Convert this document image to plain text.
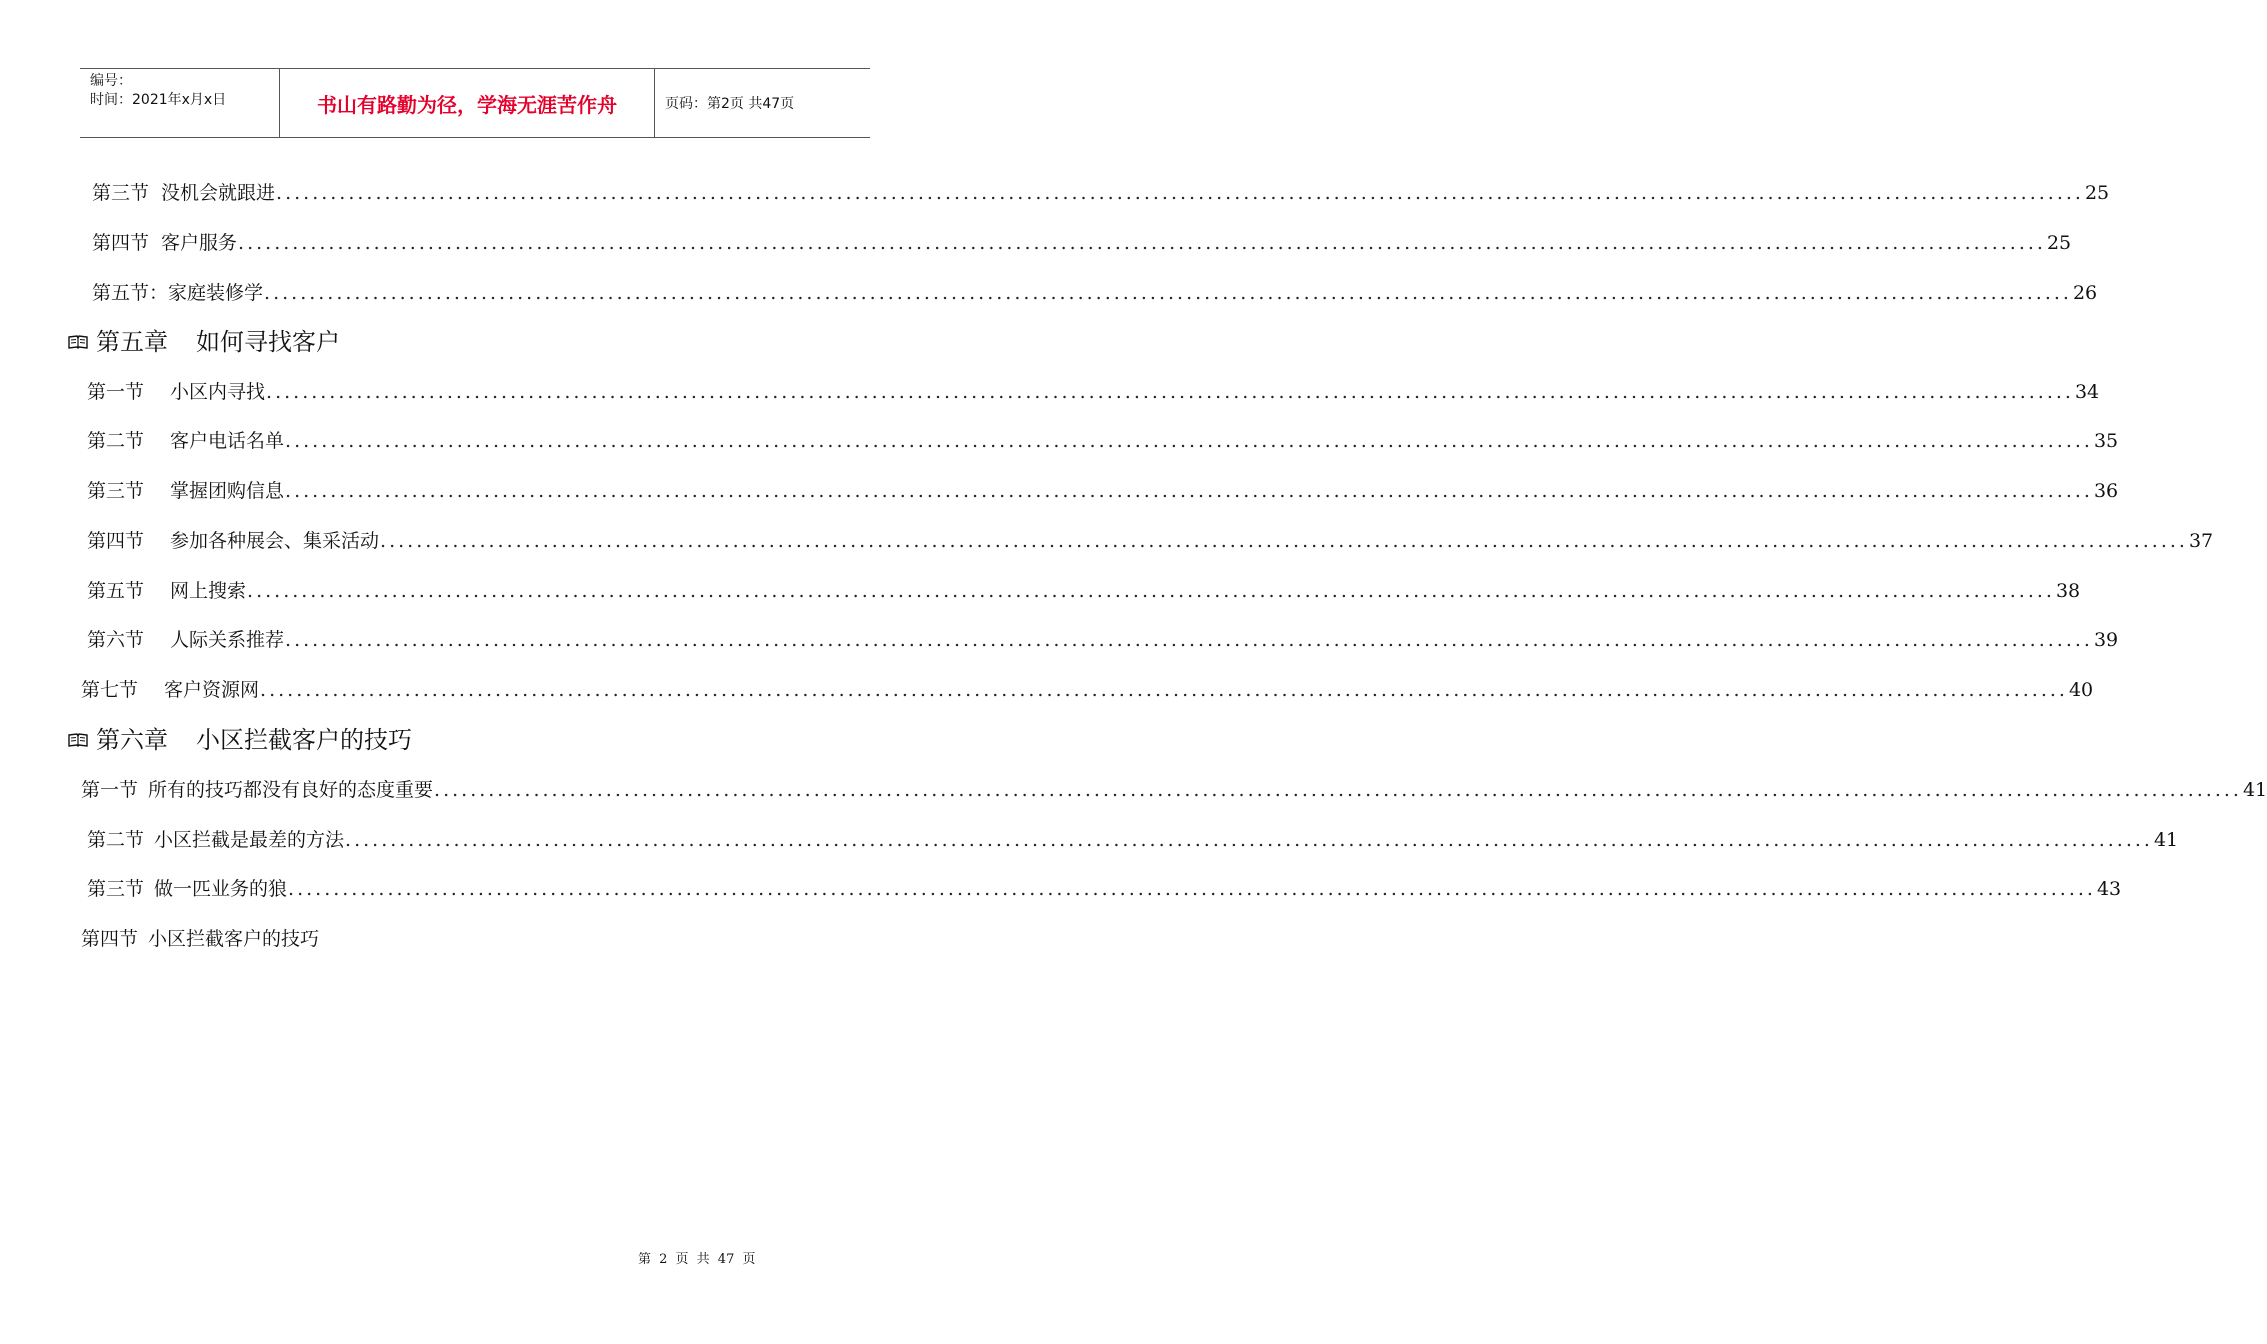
编号：
时间：2021年x月x日	书山有路勤为径，学海无涯苦作舟	页码：第2页 共47页
第三节 没机会就跟进 ........................................................................................................................................................................................................ 25
第四节 客户服务 ........................................................................................................................................................................................................ 25
第五节： 家庭装修学 ........................................................................................................................................................................................................ 26
第五章 如何寻找客户
第一节 小区内寻找 ........................................................................................................................................................................................................ 34
第二节 客户电话名单 ........................................................................................................................................................................................................ 35
第三节 掌握团购信息 ........................................................................................................................................................................................................ 36
第四节 参加各种展会、集采活动 ........................................................................................................................................................................................................ 37
第五节 网上搜索 ........................................................................................................................................................................................................ 38
第六节 人际关系推荐 ........................................................................................................................................................................................................ 39
第七节 客户资源网 ........................................................................................................................................................................................................ 40
第六章 小区拦截客户的技巧
第一节 所有的技巧都没有良好的态度重要 ........................................................................................................................................................................................................ 41
第二节 小区拦截是最差的方法 ........................................................................................................................................................................................................ 41
第三节 做一匹业务的狼 ........................................................................................................................................................................................................ 43
第四节 小区拦截客户的技巧
第 2 页 共 47 页
